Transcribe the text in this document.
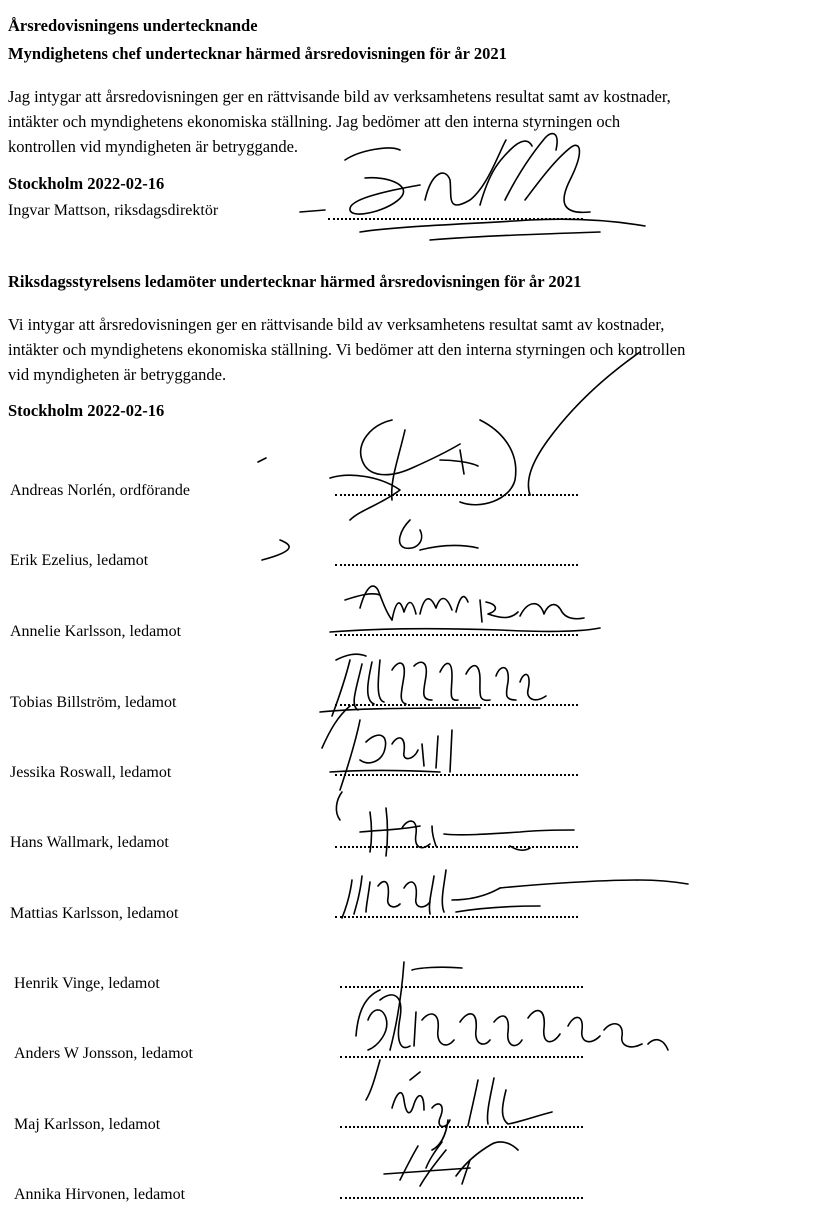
Årsredovisningens undertecknande
Myndighetens chef undertecknar härmed årsredovisningen för år 2021
Jag intygar att årsredovisningen ger en rättvisande bild av verksamhetens resultat samt av kostnader,
intäkter och myndighetens ekonomiska ställning. Jag bedömer att den interna styrningen och
kontrollen vid myndigheten är betryggande.
Stockholm 2022-02-16
Ingvar Mattson, riksdagsdirektör
Riksdagsstyrelsens ledamöter undertecknar härmed årsredovisningen för år 2021
Vi intygar att årsredovisningen ger en rättvisande bild av verksamhetens resultat samt av kostnader,
intäkter och myndighetens ekonomiska ställning. Vi bedömer att den interna styrningen och kontrollen
vid myndigheten är betryggande.
Stockholm 2022-02-16
Andreas Norlén, ordförande
Erik Ezelius, ledamot
Annelie Karlsson, ledamot
Tobias Billström, ledamot
Jessika Roswall, ledamot
Hans Wallmark, ledamot
Mattias Karlsson, ledamot
Henrik Vinge, ledamot
Anders W Jonsson, ledamot
Maj Karlsson, ledamot
Annika Hirvonen, ledamot
